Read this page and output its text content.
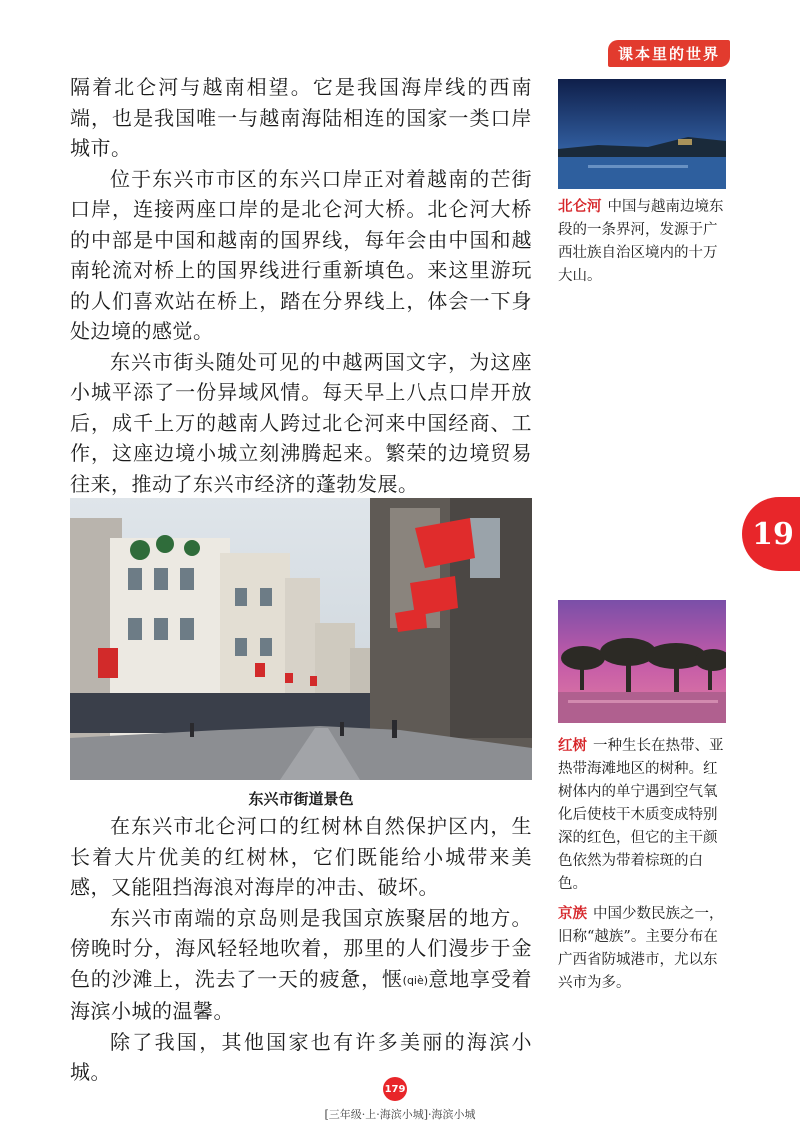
课本里的世界
19

隔着北仑河与越南相望。它是我国海岸线的西南端，也是我国唯一与越南海陆相连的国家一类口岸城市。

位于东兴市市区的东兴口岸正对着越南的芒街口岸，连接两座口岸的是北仑河大桥。北仑河大桥的中部是中国和越南的国界线，每年会由中国和越南轮流对桥上的国界线进行重新填色。来这里游玩的人们喜欢站在桥上，踏在分界线上，体会一下身处边境的感觉。

东兴市街头随处可见的中越两国文字，为这座小城平添了一份异域风情。每天早上八点口岸开放后，成千上万的越南人跨过北仑河来中国经商、工作，这座边境小城立刻沸腾起来。繁荣的边境贸易往来，推动了东兴市经济的蓬勃发展。

东兴市街道景色

在东兴市北仑河口的红树林自然保护区内，生长着大片优美的红树林，它们既能给小城带来美感，又能阻挡海浪对海岸的冲击、破坏。

东兴市南端的京岛则是我国京族聚居的地方。傍晚时分，海风轻轻地吹着，那里的人们漫步于金色的沙滩上，洗去了一天的疲惫，惬(qiè)意地享受着海滨小城的温馨。

除了我国，其他国家也有许多美丽的海滨小城。

北仑河 中国与越南边境东段的一条界河，发源于广西壮族自治区境内的十万大山。
红树 一种生长在热带、亚热带海滩地区的树种。红树体内的单宁遇到空气氧化后使枝干木质变成特别深的红色，但它的主干颜色依然为带着棕斑的白色。
京族 中国少数民族之一，旧称“越族”。主要分布在广西省防城港市，尤以东兴市为多。
179
[三年级·上·海滨小城]·海滨小城
